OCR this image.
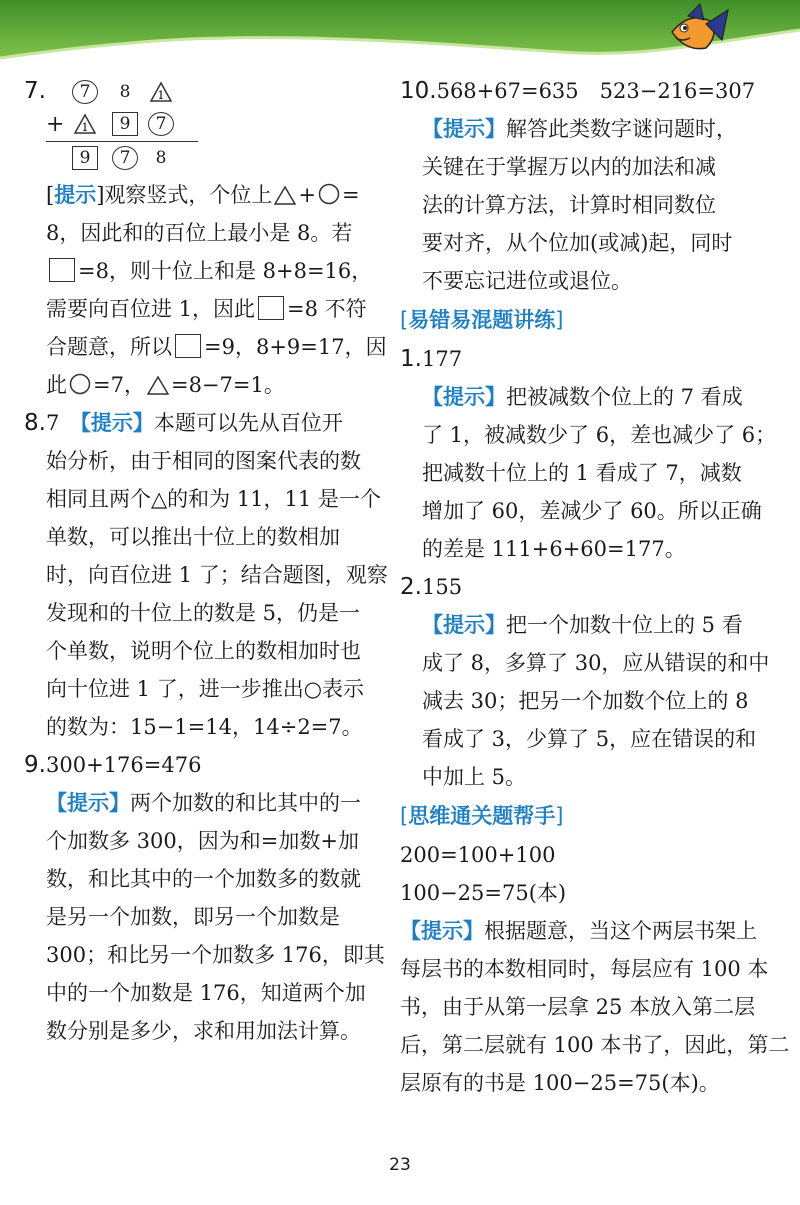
7.	7	8	1
+ 1	9	7
9	7	8

[提示]观察竖式，个位上 + =

8，因此和的百位上最小是 8。若

=8，则十位上和是 8+8=16，

需要向百位进 1，因此 =8 不符

合题意，所以 =9，8+9=17，因

此 =7， =8−7=1。

8.7　 【提示】本题可以先从百位开

始分析，由于相同的图案代表的数

相同且两个△的和为 11，11 是一个

单数，可以推出十位上的数相加

时，向百位进 1 了；结合题图，观察

发现和的十位上的数是 5，仍是一

个单数，说明个位上的数相加时也

向十位进 1 了，进一步推出○表示

的数为：15−1=14，14÷2=7。

9.300+176=476

【提示】两个加数的和比其中的一

个加数多 300，因为和=加数+加

数，和比其中的一个加数多的数就

是另一个加数，即另一个加数是

300；和比另一个加数多 176，即其

中的一个加数是 176，知道两个加

数分别是多少，求和用加法计算。

10.568+67=635　523−216=307

【提示】解答此类数字谜问题时，

关键在于掌握万以内的加法和减

法的计算方法，计算时相同数位

要对齐，从个位加(或减)起，同时

不要忘记进位或退位。

[易错易混题讲练]

1.177

【提示】把被减数个位上的 7 看成

了 1，被减数少了 6，差也减少了 6；

把减数十位上的 1 看成了 7，减数

增加了 60，差减少了 60。所以正确

的差是 111+6+60=177。

2.155

【提示】把一个加数十位上的 5 看

成了 8，多算了 30，应从错误的和中

减去 30；把另一个加数个位上的 8

看成了 3，少算了 5，应在错误的和

中加上 5。

[思维通关题帮手]

200=100+100

100−25=75(本)

【提示】根据题意，当这个两层书架上

每层书的本数相同时，每层应有 100 本

书，由于从第一层拿 25 本放入第二层

后，第二层就有 100 本书了，因此，第二

层原有的书是 100−25=75(本)。

23
